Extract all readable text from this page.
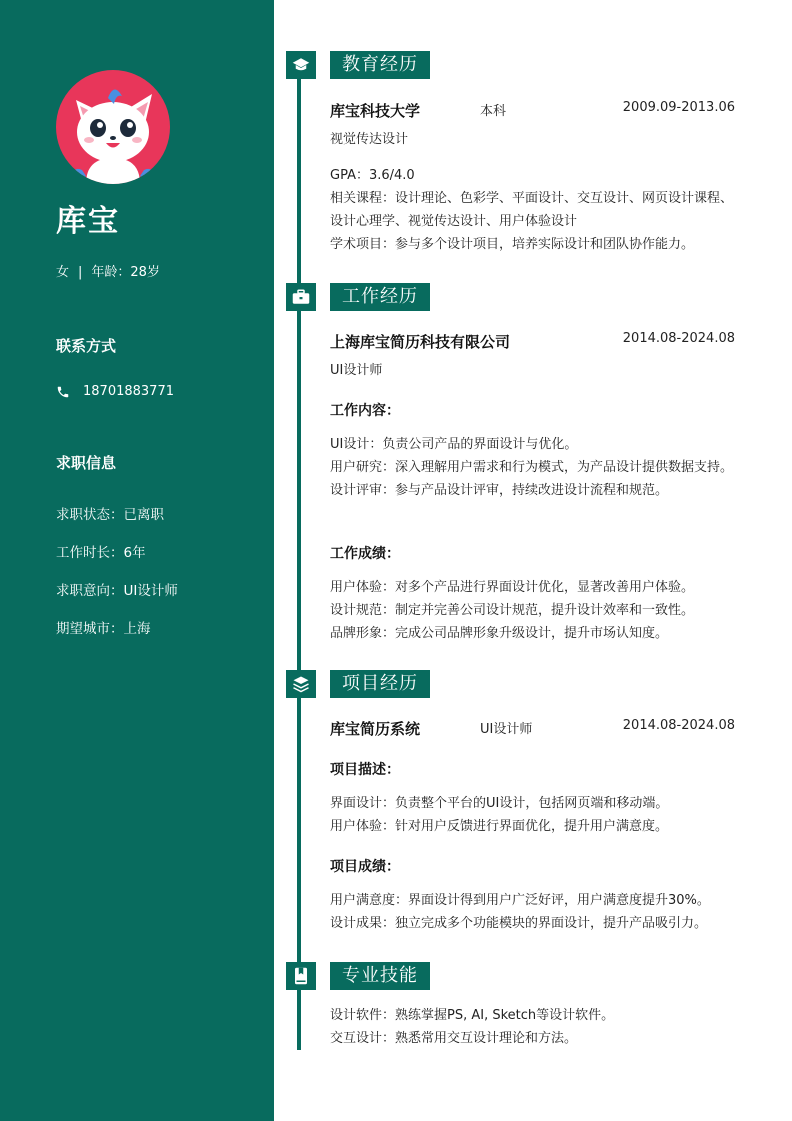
库宝
女 | 年龄：28岁
联系方式
18701883771
求职信息
求职状态：已离职
工作时长：6年
求职意向：UI设计师
期望城市：上海
教育经历
库宝科技大学	本科	2009.09-2013.06
视觉传达设计
GPA：3.6/4.0
相关课程：设计理论、色彩学、平面设计、交互设计、网页设计课程、设计心理学、视觉传达设计、用户体验设计
学术项目：参与多个设计项目，培养实际设计和团队协作能力。
工作经历
上海库宝简历科技有限公司	2014.08-2024.08
UI设计师
工作内容：
UI设计：负责公司产品的界面设计与优化。
用户研究：深入理解用户需求和行为模式，为产品设计提供数据支持。
设计评审：参与产品设计评审，持续改进设计流程和规范。
工作成绩：
用户体验：对多个产品进行界面设计优化，显著改善用户体验。
设计规范：制定并完善公司设计规范，提升设计效率和一致性。
品牌形象：完成公司品牌形象升级设计，提升市场认知度。
项目经历
库宝简历系统	UI设计师	2014.08-2024.08
项目描述：
界面设计：负责整个平台的UI设计，包括网页端和移动端。
用户体验：针对用户反馈进行界面优化，提升用户满意度。
项目成绩：
用户满意度：界面设计得到用户广泛好评，用户满意度提升30%。
设计成果：独立完成多个功能模块的界面设计，提升产品吸引力。
专业技能
设计软件：熟练掌握PS, AI, Sketch等设计软件。
交互设计：熟悉常用交互设计理论和方法。
